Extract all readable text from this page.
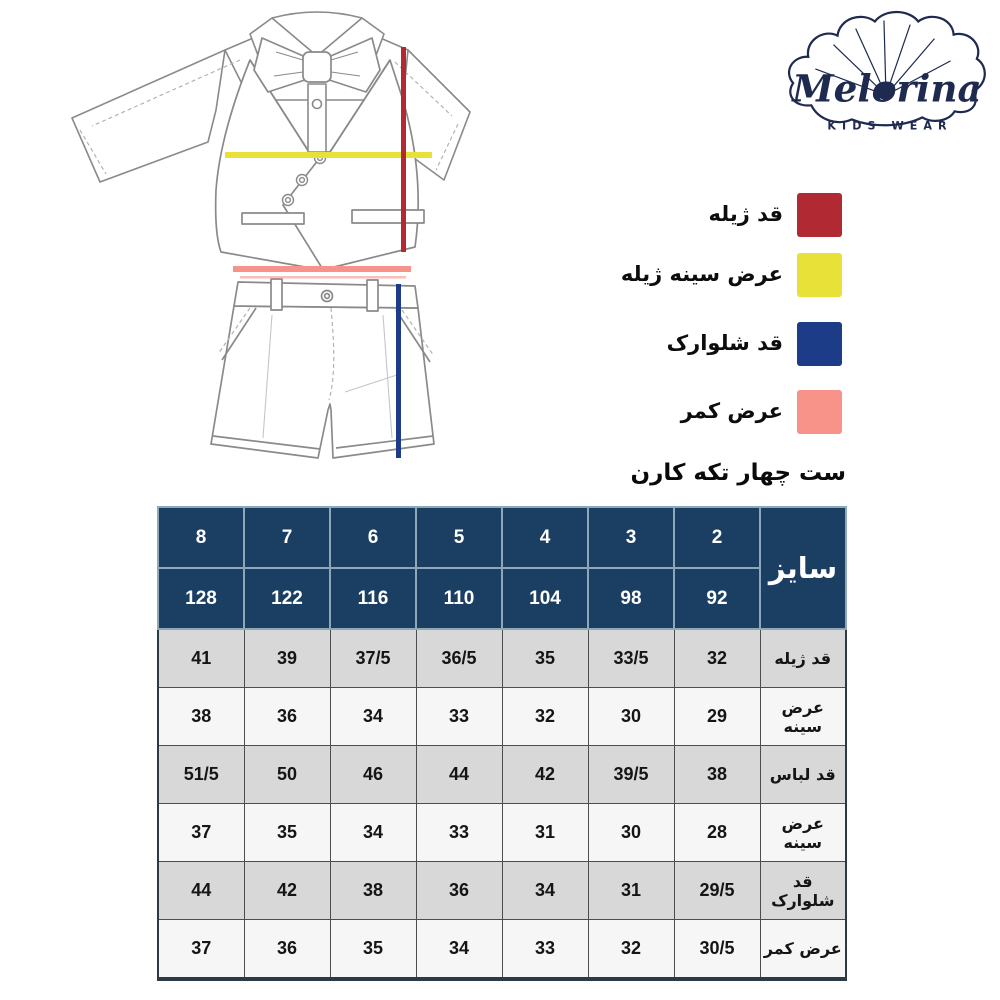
Melorina
KIDS WEAR
قد ژیله
عرض سینه ژیله
قد شلوارک
عرض کمر
ست چهار تکه کارن
8	7	6	5	4	3	2	سایز
128	122	116	110	104	98	92	
41	39	37/5	36/5	35	33/5	32	قد ژیله
38	36	34	33	32	30	29	عرض سینه
51/5	50	46	44	42	39/5	38	قد لباس
37	35	34	33	31	30	28	عرض سینه
44	42	38	36	34	31	29/5	قد شلوارک
37	36	35	34	33	32	30/5	عرض کمر
